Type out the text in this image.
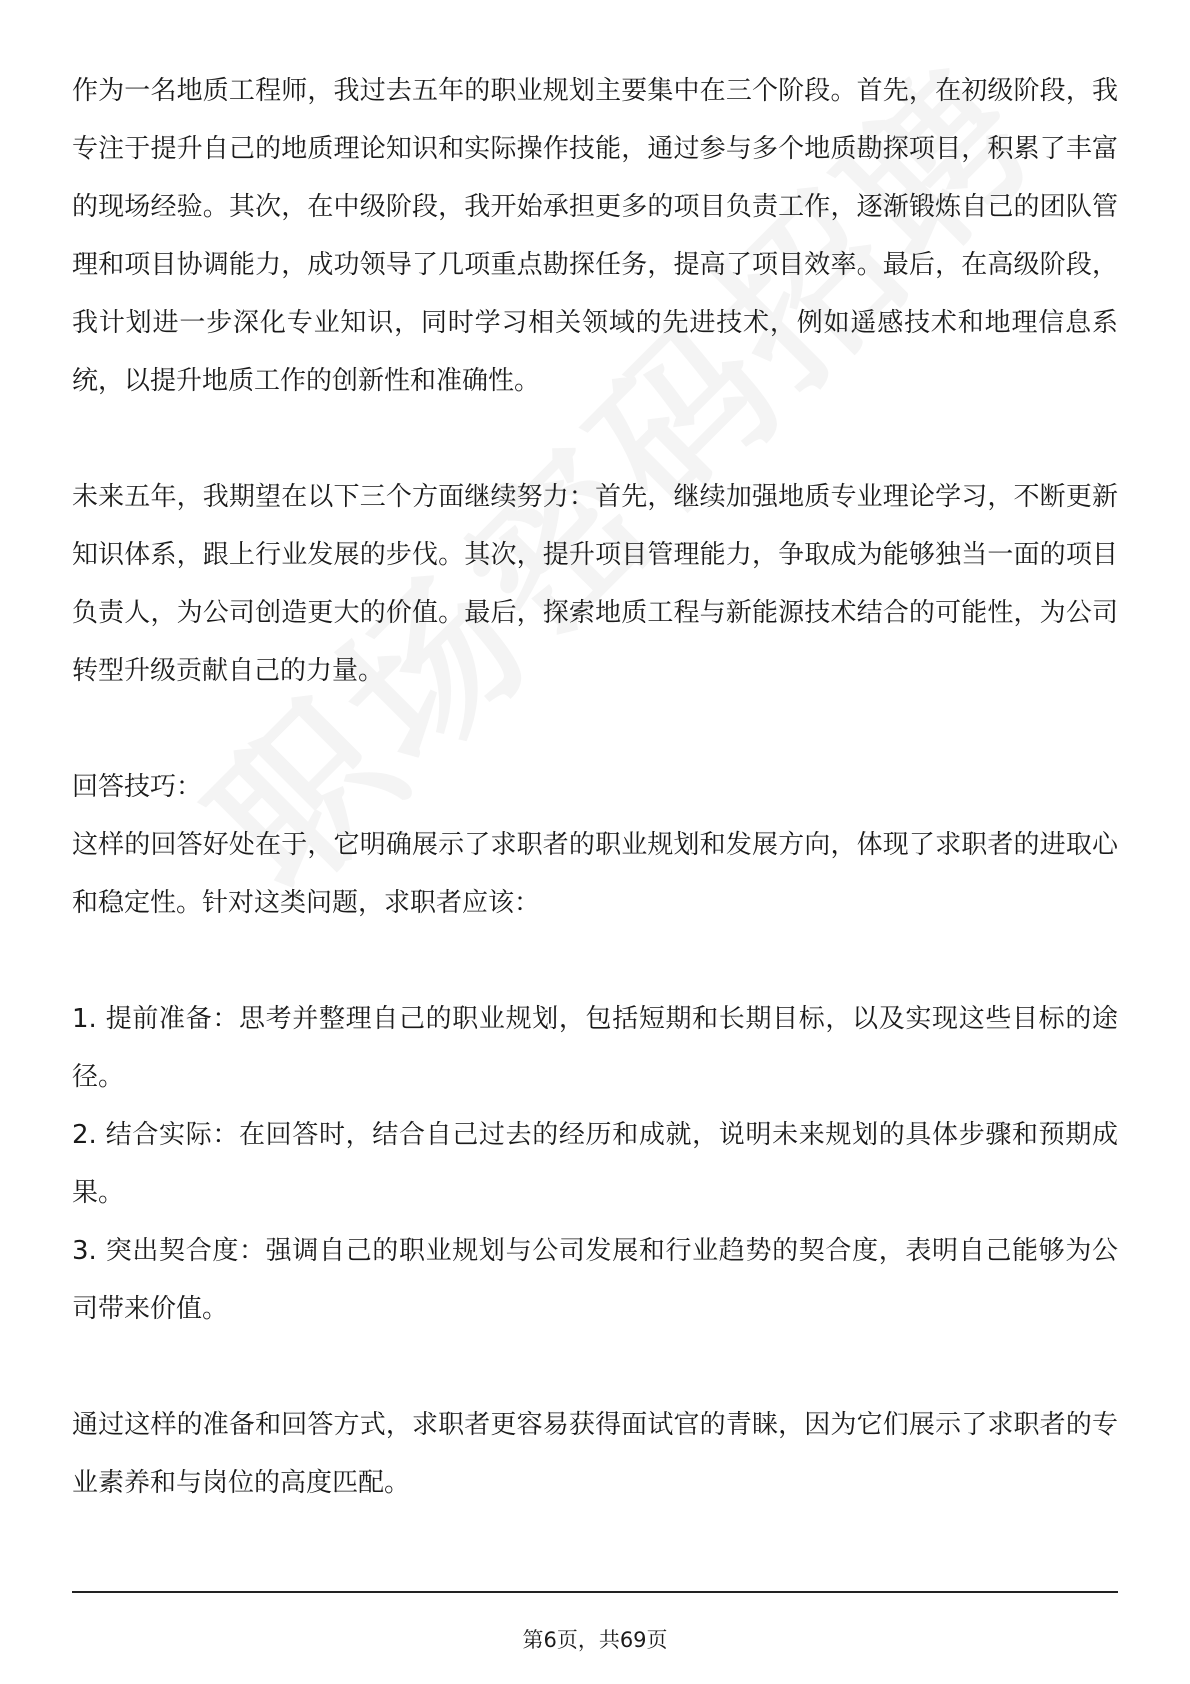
作为一名地质工程师，我过去五年的职业规划主要集中在三个阶段。首先，在初级阶段，我专注于提升自己的地质理论知识和实际操作技能，通过参与多个地质勘探项目，积累了丰富的现场经验。其次，在中级阶段，我开始承担更多的项目负责工作，逐渐锻炼自己的团队管理和项目协调能力，成功领导了几项重点勘探任务，提高了项目效率。最后，在高级阶段，我计划进一步深化专业知识，同时学习相关领域的先进技术，例如遥感技术和地理信息系统，以提升地质工作的创新性和准确性。

未来五年，我期望在以下三个方面继续努力：首先，继续加强地质专业理论学习，不断更新知识体系，跟上行业发展的步伐。其次，提升项目管理能力，争取成为能够独当一面的项目负责人，为公司创造更大的价值。最后，探索地质工程与新能源技术结合的可能性，为公司转型升级贡献自己的力量。

回答技巧：

这样的回答好处在于，它明确展示了求职者的职业规划和发展方向，体现了求职者的进取心和稳定性。针对这类问题，求职者应该：

1. 提前准备：思考并整理自己的职业规划，包括短期和长期目标，以及实现这些目标的途径。

2. 结合实际：在回答时，结合自己过去的经历和成就，说明未来规划的具体步骤和预期成果。

3. 突出契合度：强调自己的职业规划与公司发展和行业趋势的契合度，表明自己能够为公司带来价值。

通过这样的准备和回答方式，求职者更容易获得面试官的青睐，因为它们展示了求职者的专业素养和与岗位的高度匹配。

第6页，共69页
